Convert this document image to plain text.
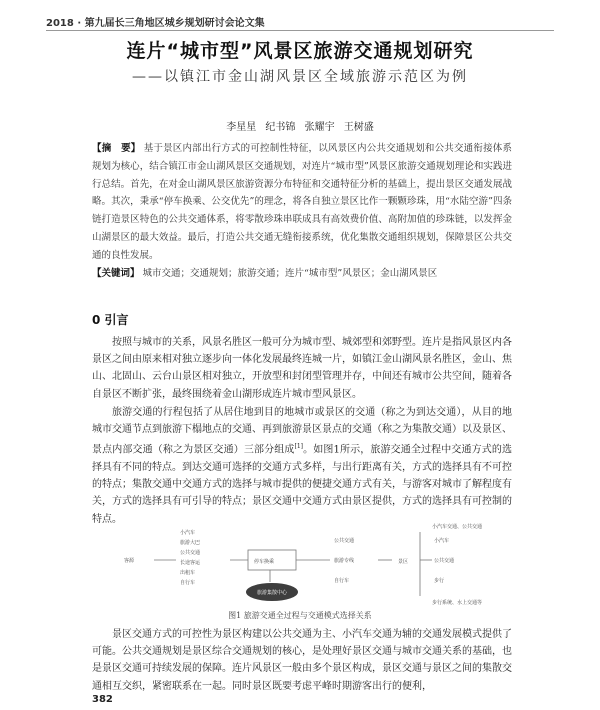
2018 · 第九届长三角地区城乡规划研讨会论文集
连片“城市型”风景区旅游交通规划研究
——以镇江市金山湖风景区全域旅游示范区为例
李星星 纪书锦 张耀宇 王树盛
【摘　要】 基于景区内部出行方式的可控制性特征，以风景区内公共交通规划和公共交通衔接体系规划为核心，结合镇江市金山湖风景区交通规划，对连片“城市型”风景区旅游交通规划理论和实践进行总结。首先，在对金山湖风景区旅游资源分布特征和交通特征分析的基础上，提出景区交通发展战略。其次，秉承“停车换乘、公交优先”的理念，将各自独立景区比作一颗颗珍珠，用“水陆空游”四条链打造景区特色的公共交通体系，将零散珍珠串联成具有高效费价值、高附加值的珍珠链，以发挥金山湖景区的最大效益。最后，打造公共交通无缝衔接系统，优化集散交通组织规划，保障景区公共交通的良性发展。
【关键词】 城市交通；交通规划；旅游交通；连片“城市型”风景区；金山湖风景区
0 引言
按照与城市的关系，风景名胜区一般可分为城市型、城郊型和郊野型。连片是指风景区内各景区之间由原来相对独立逐步向一体化发展最终连城一片，如镇江金山湖风景名胜区，金山、焦山、北固山、云台山景区相对独立，开放型和封闭型管理并存，中间还有城市公共空间，随着各自景区不断扩张，最终围绕着金山湖形成连片城市型风景区。
旅游交通的行程包括了从居住地到目的地城市或景区的交通（称之为到达交通），从目的地城市交通节点到旅游下榻地点的交通、再到旅游景区景点的交通（称之为集散交通）以及景区、景点内部交通（称之为景区交通）三部分组成[1]。如图1所示，旅游交通全过程中交通方式的选择具有不同的特点。到达交通可选择的交通方式多样，与出行距离有关，方式的选择具有不可控的特点；集散交通中交通方式的选择与城市提供的便捷交通方式有关，与游客对城市了解程度有关，方式的选择具有可引导的特点；景区交通中交通方式由景区提供，方式的选择具有可控制的特点。
客源
小汽车
旅游大巴
公共交通
长途客运
出租车
自行车
停车换乘
公共交通
旅游专线
自行车
景区
小汽车
公共交通
步行
小汽车交通、公共交通
步行系统、水上交通等
旅游集散中心
图1 旅游交通全过程与交通模式选择关系
景区交通方式的可控性为景区构建以公共交通为主、小汽车交通为辅的交通发展模式提供了可能。公共交通规划是景区综合交通规划的核心，是处理好景区交通与城市交通关系的基础，也是景区交通可持续发展的保障。连片风景区一般由多个景区构成，景区交通与景区之间的集散交通相互交织，紧密联系在一起。同时景区既要考虑平峰时期游客出行的便利，
382
